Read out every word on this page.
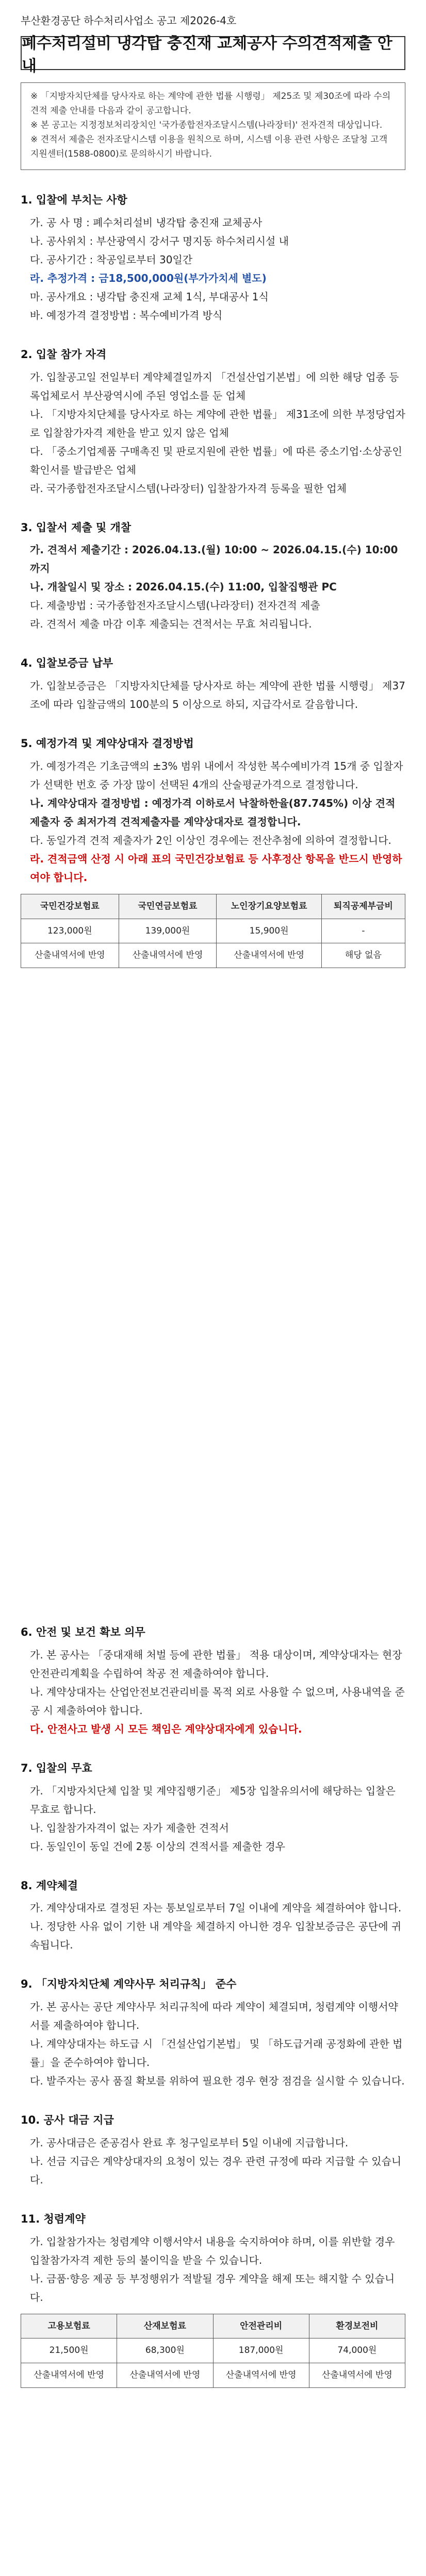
부산환경공단 하수처리사업소 공고 제2026-4호
폐수처리설비 냉각탑 충진재 교체공사 수의견적제출 안내
※ 「지방자치단체를 당사자로 하는 계약에 관한 법률 시행령」 제25조 및 제30조에 따라 수의견적 제출 안내를 다음과 같이 공고합니다.
※ 본 공고는 지정정보처리장치인 '국가종합전자조달시스템(나라장터)' 전자견적 대상입니다.
※ 견적서 제출은 전자조달시스템 이용을 원칙으로 하며, 시스템 이용 관련 사항은 조달청 고객지원센터(1588-0800)로 문의하시기 바랍니다.
1. 입찰에 부치는 사항
가. 공 사 명 : 폐수처리설비 냉각탑 충진재 교체공사
나. 공사위치 : 부산광역시 강서구 명지동 하수처리시설 내
다. 공사기간 : 착공일로부터 30일간
라. 추정가격 : 금18,500,000원(부가가치세 별도)
마. 공사개요 : 냉각탑 충진재 교체 1식, 부대공사 1식
바. 예정가격 결정방법 : 복수예비가격 방식
2. 입찰 참가 자격
가. 입찰공고일 전일부터 계약체결일까지 「건설산업기본법」에 의한 해당 업종 등록업체로서 부산광역시에 주된 영업소를 둔 업체
나. 「지방자치단체를 당사자로 하는 계약에 관한 법률」 제31조에 의한 부정당업자로 입찰참가자격 제한을 받고 있지 않은 업체
다. 「중소기업제품 구매촉진 및 판로지원에 관한 법률」에 따른 중소기업·소상공인 확인서를 발급받은 업체
라. 국가종합전자조달시스템(나라장터) 입찰참가자격 등록을 필한 업체
3. 입찰서 제출 및 개찰
가. 견적서 제출기간 : 2026.04.13.(월) 10:00 ~ 2026.04.15.(수) 10:00까지
나. 개찰일시 및 장소 : 2026.04.15.(수) 11:00, 입찰집행관 PC
다. 제출방법 : 국가종합전자조달시스템(나라장터) 전자견적 제출
라. 견적서 제출 마감 이후 제출되는 견적서는 무효 처리됩니다.
4. 입찰보증금 납부
가. 입찰보증금은 「지방자치단체를 당사자로 하는 계약에 관한 법률 시행령」 제37조에 따라 입찰금액의 100분의 5 이상으로 하되, 지급각서로 갈음합니다.
5. 예정가격 및 계약상대자 결정방법
가. 예정가격은 기초금액의 ±3% 범위 내에서 작성한 복수예비가격 15개 중 입찰자가 선택한 번호 중 가장 많이 선택된 4개의 산술평균가격으로 결정합니다.
나. 계약상대자 결정방법 : 예정가격 이하로서 낙찰하한율(87.745%) 이상 견적 제출자 중 최저가격 견적제출자를 계약상대자로 결정합니다.
다. 동일가격 견적 제출자가 2인 이상인 경우에는 전산추첨에 의하여 결정합니다.
라. 견적금액 산정 시 아래 표의 국민건강보험료 등 사후정산 항목을 반드시 반영하여야 합니다.
국민건강보험료	국민연금보험료	노인장기요양보험료	퇴직공제부금비
123,000원	139,000원	15,900원	-
산출내역서에 반영	산출내역서에 반영	산출내역서에 반영	해당 없음
6. 안전 및 보건 확보 의무
가. 본 공사는 「중대재해 처벌 등에 관한 법률」 적용 대상이며, 계약상대자는 현장 안전관리계획을 수립하여 착공 전 제출하여야 합니다.
나. 계약상대자는 산업안전보건관리비를 목적 외로 사용할 수 없으며, 사용내역을 준공 시 제출하여야 합니다.
다. 안전사고 발생 시 모든 책임은 계약상대자에게 있습니다.
7. 입찰의 무효
가. 「지방자치단체 입찰 및 계약집행기준」 제5장 입찰유의서에 해당하는 입찰은 무효로 합니다.
나. 입찰참가자격이 없는 자가 제출한 견적서
다. 동일인이 동일 건에 2통 이상의 견적서를 제출한 경우
8. 계약체결
가. 계약상대자로 결정된 자는 통보일로부터 7일 이내에 계약을 체결하여야 합니다.
나. 정당한 사유 없이 기한 내 계약을 체결하지 아니한 경우 입찰보증금은 공단에 귀속됩니다.
9. 「지방자치단체 계약사무 처리규칙」 준수
가. 본 공사는 공단 계약사무 처리규칙에 따라 계약이 체결되며, 청렴계약 이행서약서를 제출하여야 합니다.
나. 계약상대자는 하도급 시 「건설산업기본법」 및 「하도급거래 공정화에 관한 법률」을 준수하여야 합니다.
다. 발주자는 공사 품질 확보를 위하여 필요한 경우 현장 점검을 실시할 수 있습니다.
10. 공사 대금 지급
가. 공사대금은 준공검사 완료 후 청구일로부터 5일 이내에 지급합니다.
나. 선금 지급은 계약상대자의 요청이 있는 경우 관련 규정에 따라 지급할 수 있습니다.
11. 청렴계약
가. 입찰참가자는 청렴계약 이행서약서 내용을 숙지하여야 하며, 이를 위반할 경우 입찰참가자격 제한 등의 불이익을 받을 수 있습니다.
나. 금품·향응 제공 등 부정행위가 적발될 경우 계약을 해제 또는 해지할 수 있습니다.
고용보험료	산재보험료	안전관리비	환경보전비
21,500원	68,300원	187,000원	74,000원
산출내역서에 반영	산출내역서에 반영	산출내역서에 반영	산출내역서에 반영
